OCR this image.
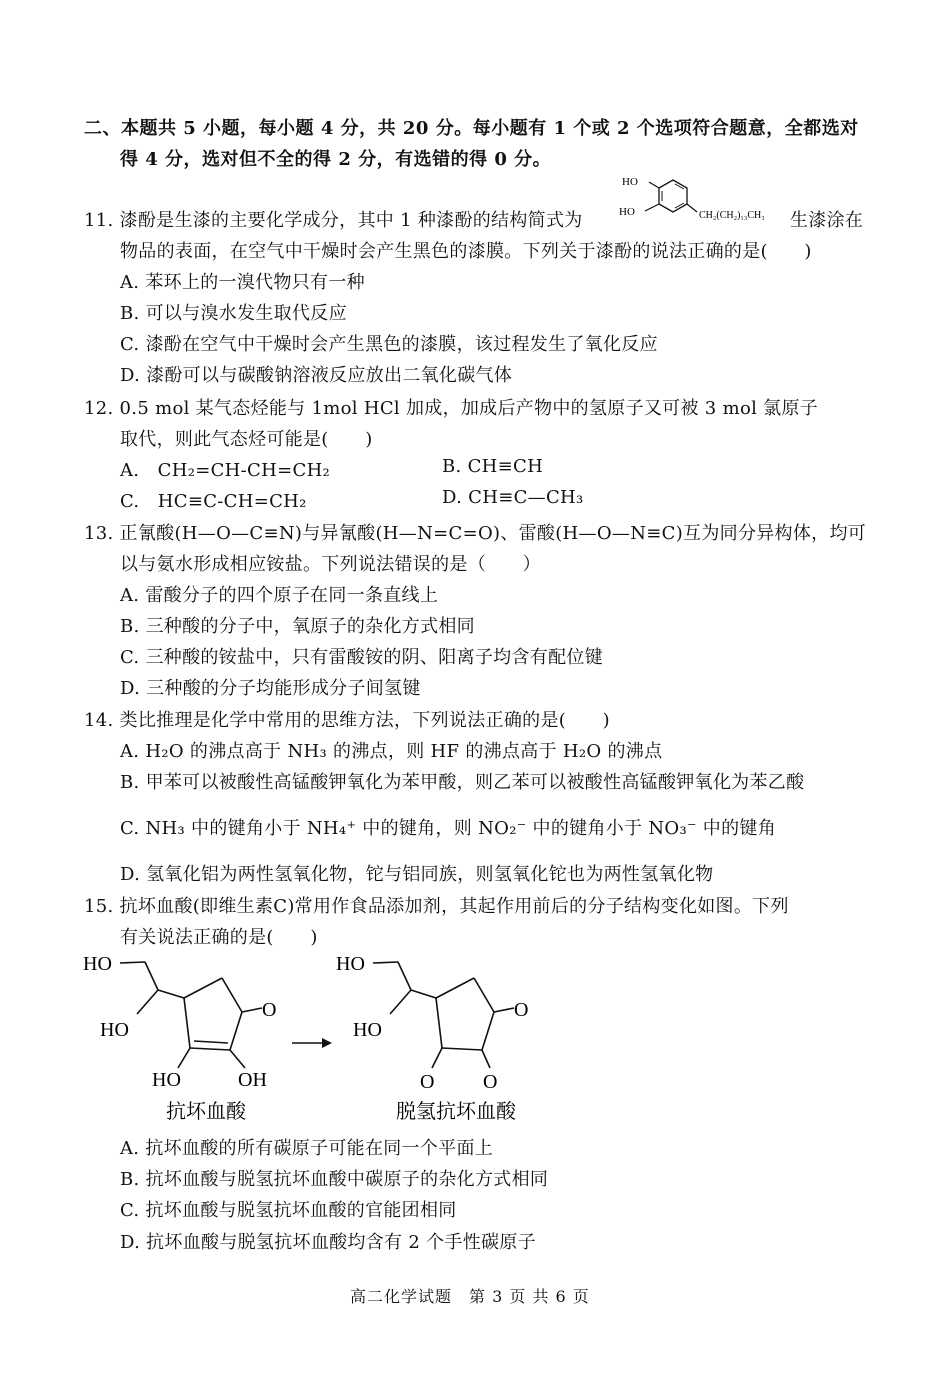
二、本题共 5 小题，每小题 4 分，共 20 分。每小题有 1 个或 2 个选项符合题意，全都选对
得 4 分，选对但不全的得 2 分，有选错的得 0 分。
11. 漆酚是生漆的主要化学成分，其中 1 种漆酚的结构简式为
HO
HO	CH₂(CH₂)₁₃CH₃ 生漆涂在
物品的表面，在空气中干燥时会产生黑色的漆膜。下列关于漆酚的说法正确的是(　　)
A. 苯环上的一溴代物只有一种
B. 可以与溴水发生取代反应
C. 漆酚在空气中干燥时会产生黑色的漆膜，该过程发生了氧化反应
D. 漆酚可以与碳酸钠溶液反应放出二氧化碳气体
12. 0.5 mol 某气态烃能与 1mol HCl 加成，加成后产物中的氢原子又可被 3 mol 氯原子
取代，则此气态烃可能是(　　)
A.　CH₂=CH-CH=CH₂	B. CH≡CH
C.　HC≡C-CH=CH₂	D. CH≡C—CH₃
13. 正氰酸(H—O—C≡N)与异氰酸(H—N=C=O)、雷酸(H—O—N≡C)互为同分异构体，均可
以与氨水形成相应铵盐。下列说法错误的是（　　）
A. 雷酸分子的四个原子在同一条直线上
B. 三种酸的分子中，氧原子的杂化方式相同
C. 三种酸的铵盐中，只有雷酸铵的阴、阳离子均含有配位键
D. 三种酸的分子均能形成分子间氢键
14. 类比推理是化学中常用的思维方法，下列说法正确的是(　　)
A. H₂O 的沸点高于 NH₃ 的沸点，则 HF 的沸点高于 H₂O 的沸点
B. 甲苯可以被酸性高锰酸钾氧化为苯甲酸，则乙苯可以被酸性高锰酸钾氧化为苯乙酸
C. NH₃ 中的键角小于 NH₄⁺ 中的键角，则 NO₂⁻ 中的键角小于 NO₃⁻ 中的键角
D. 氢氧化铝为两性氢氧化物，铊与铝同族，则氢氧化铊也为两性氢氧化物
15. 抗坏血酸(即维生素C)常用作食品添加剂，其起作用前后的分子结构变化如图。下列
有关说法正确的是(　　)
HO
HO
O
HO	OH
HO
HO
O
O O
抗坏血酸	脱氢抗坏血酸
A. 抗坏血酸的所有碳原子可能在同一个平面上
B. 抗坏血酸与脱氢抗坏血酸中碳原子的杂化方式相同
C. 抗坏血酸与脱氢抗坏血酸的官能团相同
D. 抗坏血酸与脱氢抗坏血酸均含有 2 个手性碳原子
高二化学试题　第 3 页 共 6 页
